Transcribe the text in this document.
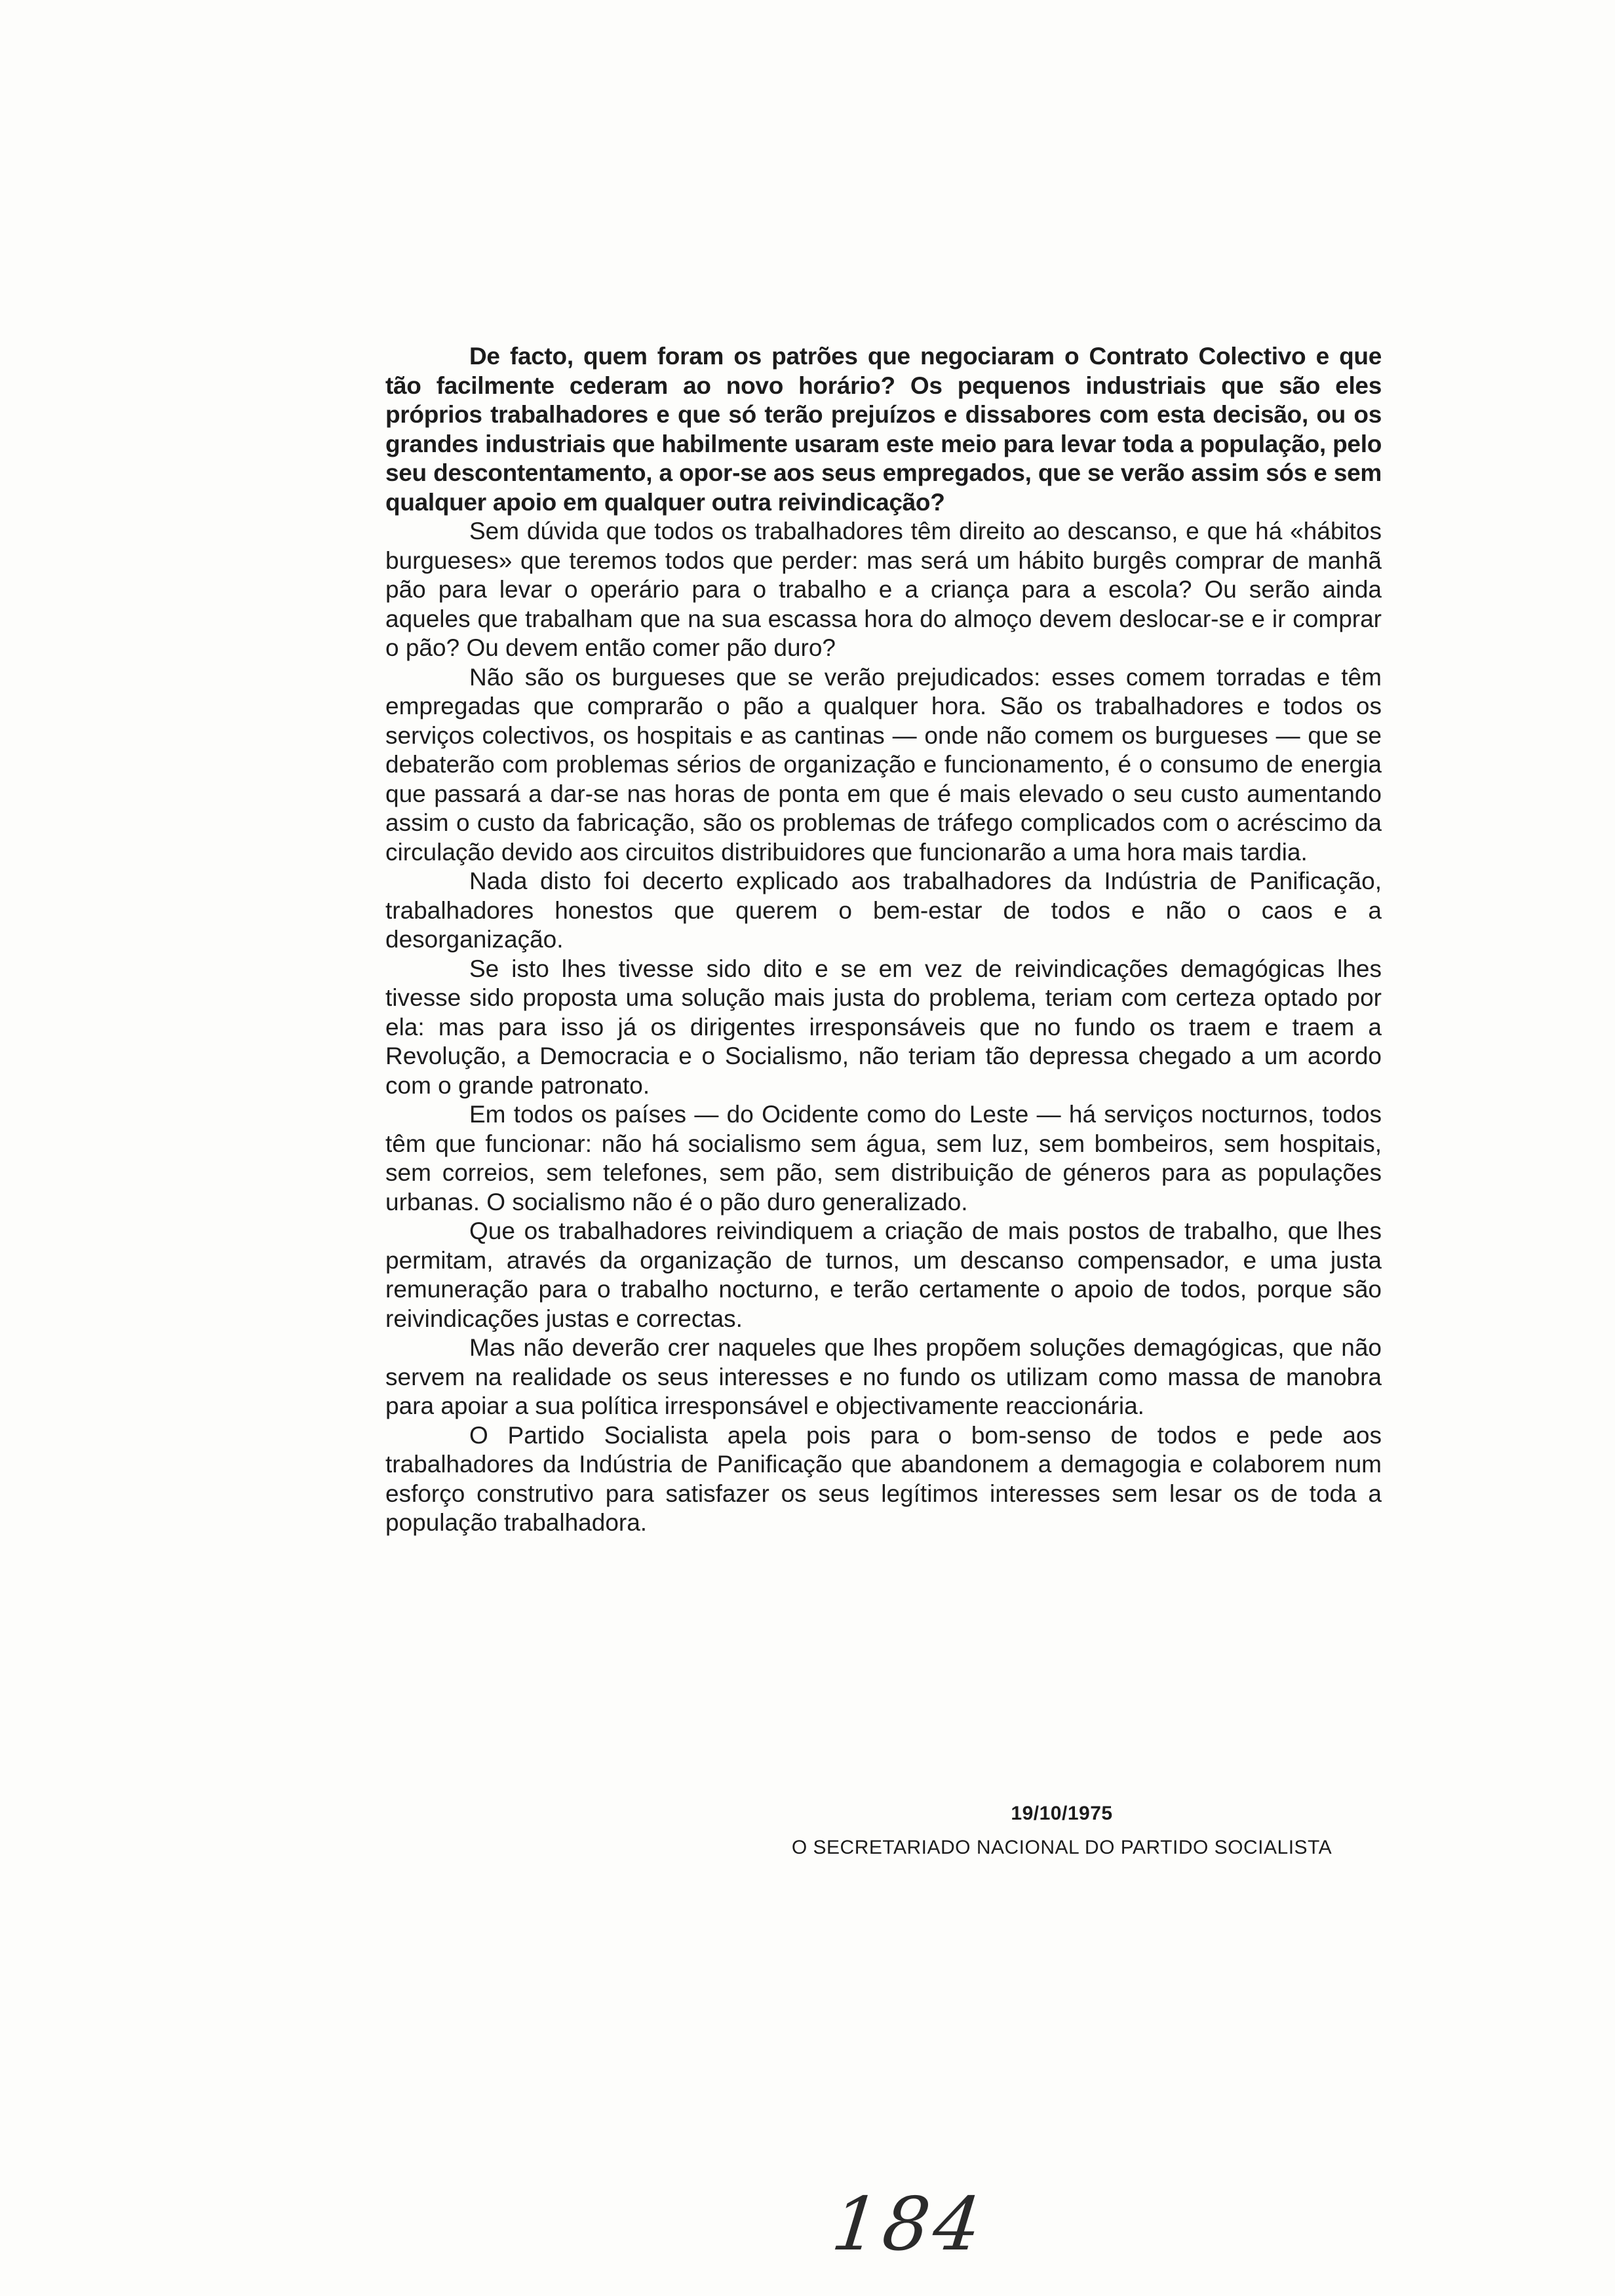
De facto, quem foram os patrões que negociaram o Contrato Colectivo e que tão facilmente cederam ao novo horário? Os pequenos industriais que são eles próprios trabalhadores e que só terão prejuízos e dissabores com esta decisão, ou os grandes industriais que habilmente usaram este meio para levar toda a população, pelo seu descontentamento, a opor-se aos seus empregados, que se verão assim sós e sem qualquer apoio em qualquer outra reivindicação?

Sem dúvida que todos os trabalhadores têm direito ao descanso, e que há «hábitos burgueses» que teremos todos que perder: mas será um hábito burgês comprar de manhã pão para levar o operário para o trabalho e a criança para a escola? Ou serão ainda aqueles que trabalham que na sua escassa hora do almoço devem deslocar-se e ir comprar o pão? Ou devem então comer pão duro?

Não são os burgueses que se verão prejudicados: esses comem torradas e têm empregadas que comprarão o pão a qualquer hora. São os trabalhadores e todos os serviços colectivos, os hospitais e as cantinas — onde não comem os burgueses — que se debaterão com problemas sérios de organização e funcionamento, é o consumo de energia que passará a dar-se nas horas de ponta em que é mais elevado o seu custo aumentando assim o custo da fabricação, são os problemas de tráfego complicados com o acréscimo da circulação devido aos circuitos distribuidores que funcionarão a uma hora mais tardia.

Nada disto foi decerto explicado aos trabalhadores da Indústria de Panificação, trabalhadores honestos que querem o bem-estar de todos e não o caos e a desorganização.

Se isto lhes tivesse sido dito e se em vez de reivindicações demagógicas lhes tivesse sido proposta uma solução mais justa do problema, teriam com certeza optado por ela: mas para isso já os dirigentes irresponsáveis que no fundo os traem e traem a Revolução, a Democracia e o Socialismo, não teriam tão depressa chegado a um acordo com o grande patronato.

Em todos os países — do Ocidente como do Leste — há serviços nocturnos, todos têm que funcionar: não há socialismo sem água, sem luz, sem bombeiros, sem hospitais, sem correios, sem telefones, sem pão, sem distribuição de géneros para as populações urbanas. O socialismo não é o pão duro generalizado.

Que os trabalhadores reivindiquem a criação de mais postos de trabalho, que lhes permitam, através da organização de turnos, um descanso compensador, e uma justa remuneração para o trabalho nocturno, e terão certamente o apoio de todos, porque são reivindicações justas e correctas.

Mas não deverão crer naqueles que lhes propõem soluções demagógicas, que não servem na realidade os seus interesses e no fundo os utilizam como massa de manobra para apoiar a sua política irresponsável e objectivamente reaccionária.

O Partido Socialista apela pois para o bom-senso de todos e pede aos trabalhadores da Indústria de Panificação que abandonem a demagogia e colaborem num esforço construtivo para satisfazer os seus legítimos interesses sem lesar os de toda a população trabalhadora.

19/10/1975
O SECRETARIADO NACIONAL DO PARTIDO SOCIALISTA
184
